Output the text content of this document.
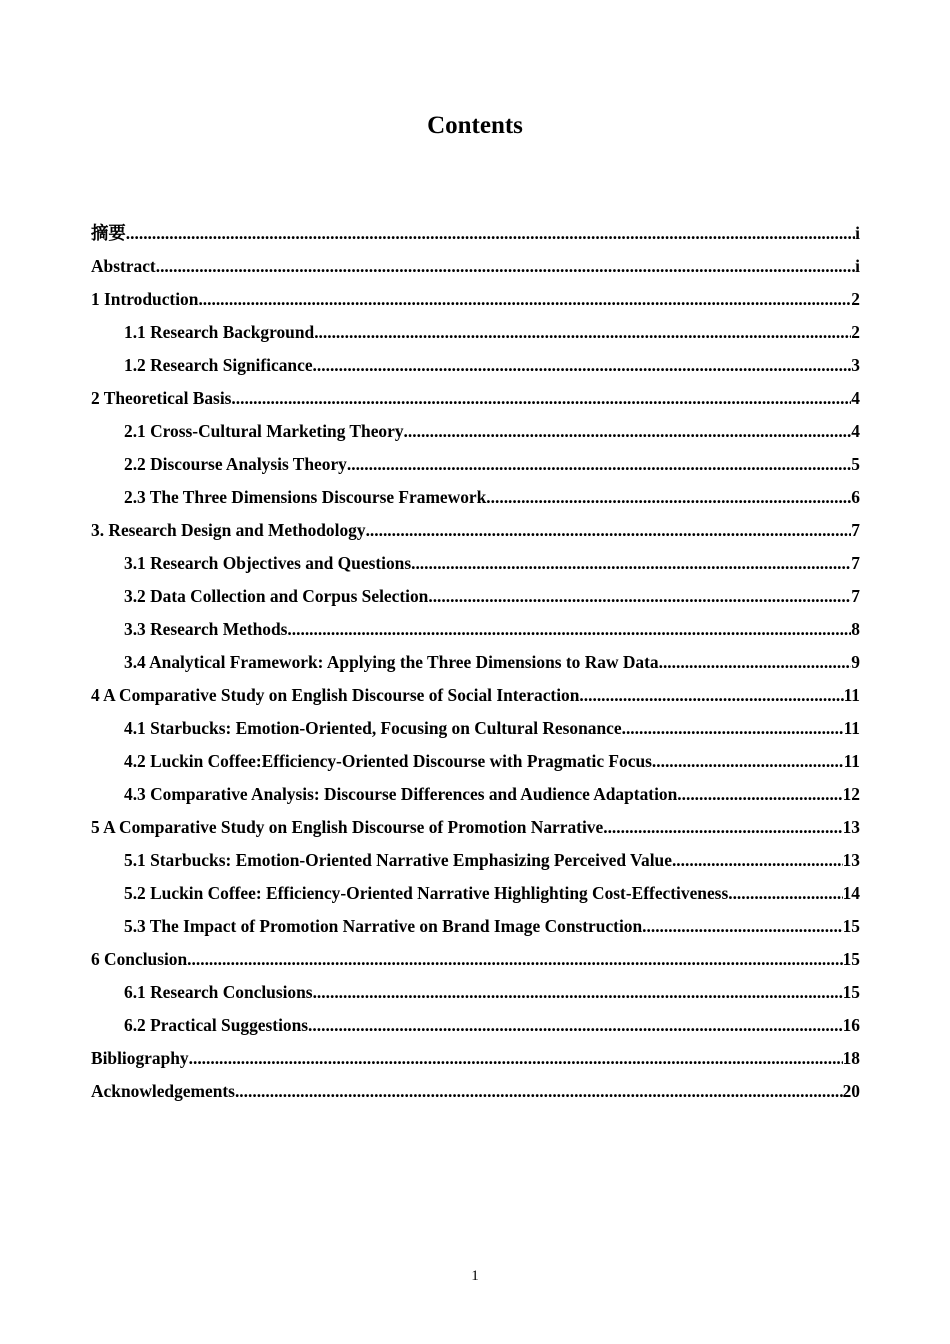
Contents
摘要 .....	i
Abstract .....	i
1 Introduction .....	2
1.1 Research Background .....	2
1.2 Research Significance .....	3
2 Theoretical Basis .....	4
2.1 Cross-Cultural Marketing Theory .....	4
2.2 Discourse Analysis Theory .....	5
2.3 The Three Dimensions Discourse Framework .....	6
3. Research Design and Methodology .....	7
3.1 Research Objectives and Questions .....	7
3.2 Data Collection and Corpus Selection .....	7
3.3 Research Methods .....	8
3.4 Analytical Framework: Applying the Three Dimensions to Raw Data .....	9
4 A Comparative Study on English Discourse of Social Interaction .....	11
4.1 Starbucks: Emotion-Oriented, Focusing on Cultural Resonance .....	11
4.2 Luckin Coffee:Efficiency-Oriented Discourse with Pragmatic Focus .....	11
4.3 Comparative Analysis: Discourse Differences and Audience Adaptation .....	12
5 A Comparative Study on English Discourse of Promotion Narrative .....	13
5.1 Starbucks: Emotion-Oriented Narrative Emphasizing Perceived Value .....	13
5.2 Luckin Coffee: Efficiency-Oriented Narrative Highlighting Cost-Effectiveness .....	14
5.3 The Impact of Promotion Narrative on Brand Image Construction .....	15
6 Conclusion .....	15
6.1 Research Conclusions .....	15
6.2 Practical Suggestions .....	16
Bibliography .....	18
Acknowledgements .....	20
1
